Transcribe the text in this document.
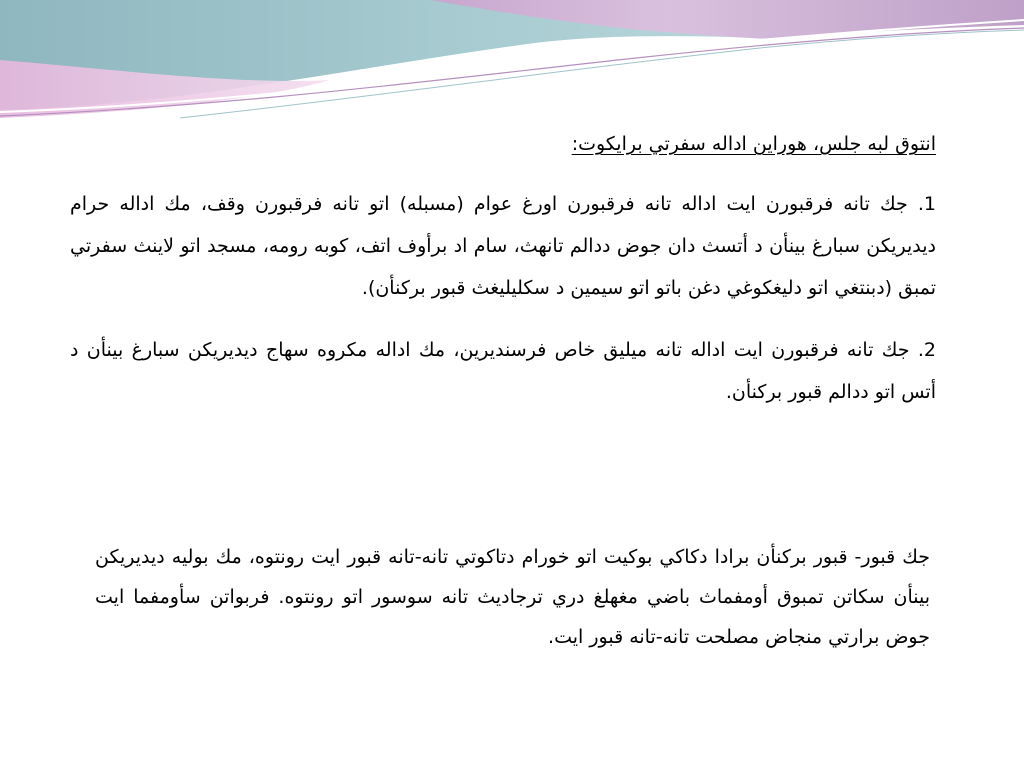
انتوق لبه جلس، هوراين اداله سفرتي برايكوت:

1. جك تانه فرقبورن ايت اداله تانه فرقبورن اورغ عوام (مسبله) اتو تانه فرقبورن وقف، مك اداله حرام ديديريكن سبارغ بينأن د أتسث دان جوض ددالم تانهث، سام اد برأوف اتف، كوبه رومه، مسجد اتو لاينث سفرتي تمبق (دبنتغي اتو دليغكوغي دغن باتو اتو سيمين د سكليليغث قبور بركنأن).

2. جك تانه فرقبورن ايت اداله تانه ميليق خاص فرسنديرين، مك اداله مكروه سهاج ديديريكن سبارغ بينأن د أتس اتو ددالم قبور بركنأن.

جك قبور- قبور بركنأن برادا دكاكي بوكيت اتو خورام دتاكوتي تانه-تانه قبور ايت رونتوه، مك بوليه ديديريكن بينأن سكاتن تمبوق أومفماث باضي مغهلغ دري ترجاديث تانه سوسور اتو رونتوه. فربواتن سأومفما ايت جوض برارتي منجاض مصلحت تانه-تانه قبور ايت.
